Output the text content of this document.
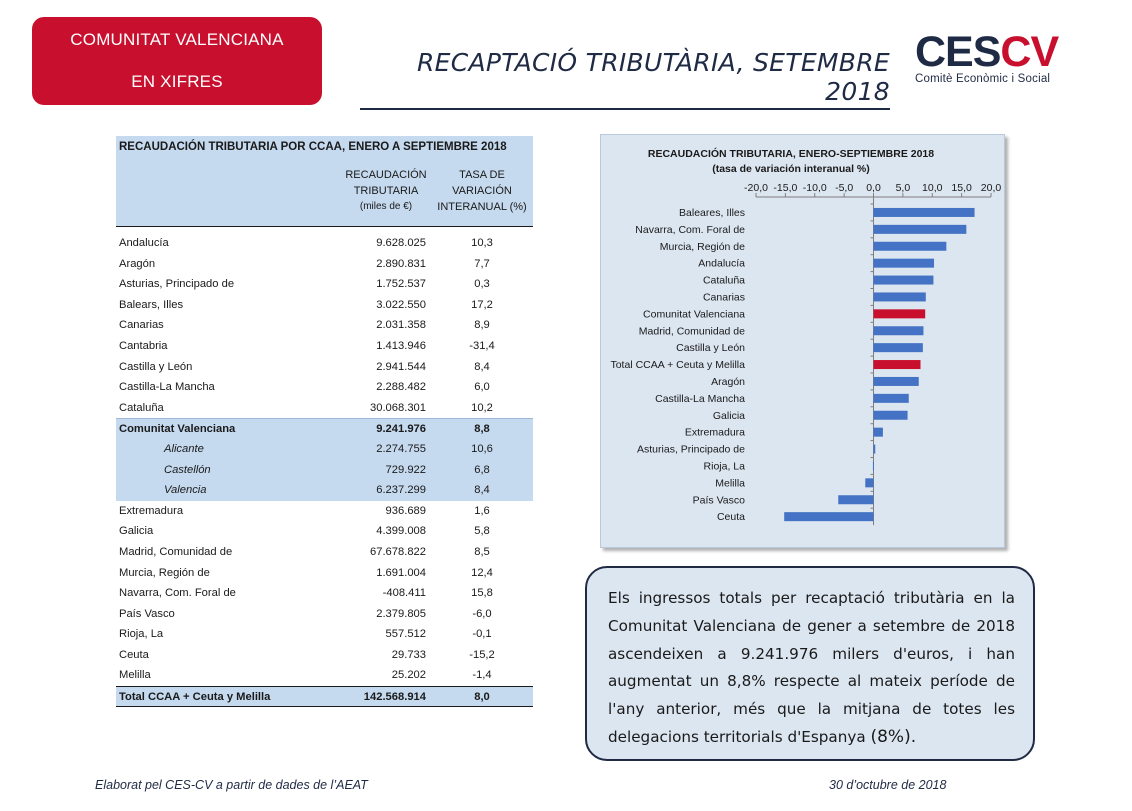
COMUNITAT VALENCIANA
EN XIFRES
RECAPTACIÓ TRIBUTÀRIA, SETEMBRE 2018
CESCV
Comitè Econòmic i Social
RECAUDACIÓN TRIBUTARIA POR CCAA, ENERO A SEPTIEMBRE 2018
RECAUDACIÓN
TRIBUTARIA
(miles de €)
TASA DE
VARIACIÓN
INTERANUAL (%)
Andalucía	9.628.025	10,3
Aragón	2.890.831	7,7
Asturias, Principado de	1.752.537	0,3
Balears, Illes	3.022.550	17,2
Canarias	2.031.358	8,9
Cantabria	1.413.946	-31,4
Castilla y León	2.941.544	8,4
Castilla-La Mancha	2.288.482	6,0
Cataluña	30.068.301	10,2
Comunitat Valenciana	9.241.976	8,8
Alicante	2.274.755	10,6
Castellón	729.922	6,8
Valencia	6.237.299	8,4
Extremadura	936.689	1,6
Galicia	4.399.008	5,8
Madrid, Comunidad de	67.678.822	8,5
Murcia, Región de	1.691.004	12,4
Navarra, Com. Foral de	-408.411	15,8
País Vasco	2.379.805	-6,0
Rioja, La	557.512	-0,1
Ceuta	29.733	-15,2
Melilla	25.202	-1,4
Total CCAA + Ceuta y Melilla	142.568.914	8,0
RECAUDACIÓN TRIBUTARIA, ENERO-SEPTIEMBRE 2018
(tasa de variación interanual %)
-20,0 -15,0 -10,0 -5,0 0,0 5,0 10,0 15,0 20,0
Baleares, Illes
Navarra, Com. Foral de
Murcia, Región de
Andalucía
Cataluña
Canarias
Comunitat Valenciana
Madrid, Comunidad de
Castilla y León
Total CCAA + Ceuta y Melilla
Aragón
Castilla-La Mancha
Galicia
Extremadura
Asturias, Principado de
Rioja, La
Melilla
País Vasco
Ceuta
Els ingressos totals per recaptació tributària en la Comunitat Valenciana de gener a setembre de 2018 ascendeixen a 9.241.976 milers d'euros, i han augmentat un 8,8% respecte al mateix període de l'any anterior, més que la mitjana de totes les delegacions territorials d'Espanya (8%).
Elaborat pel CES-CV a partir de dades de l’AEAT	30 d’octubre de 2018
